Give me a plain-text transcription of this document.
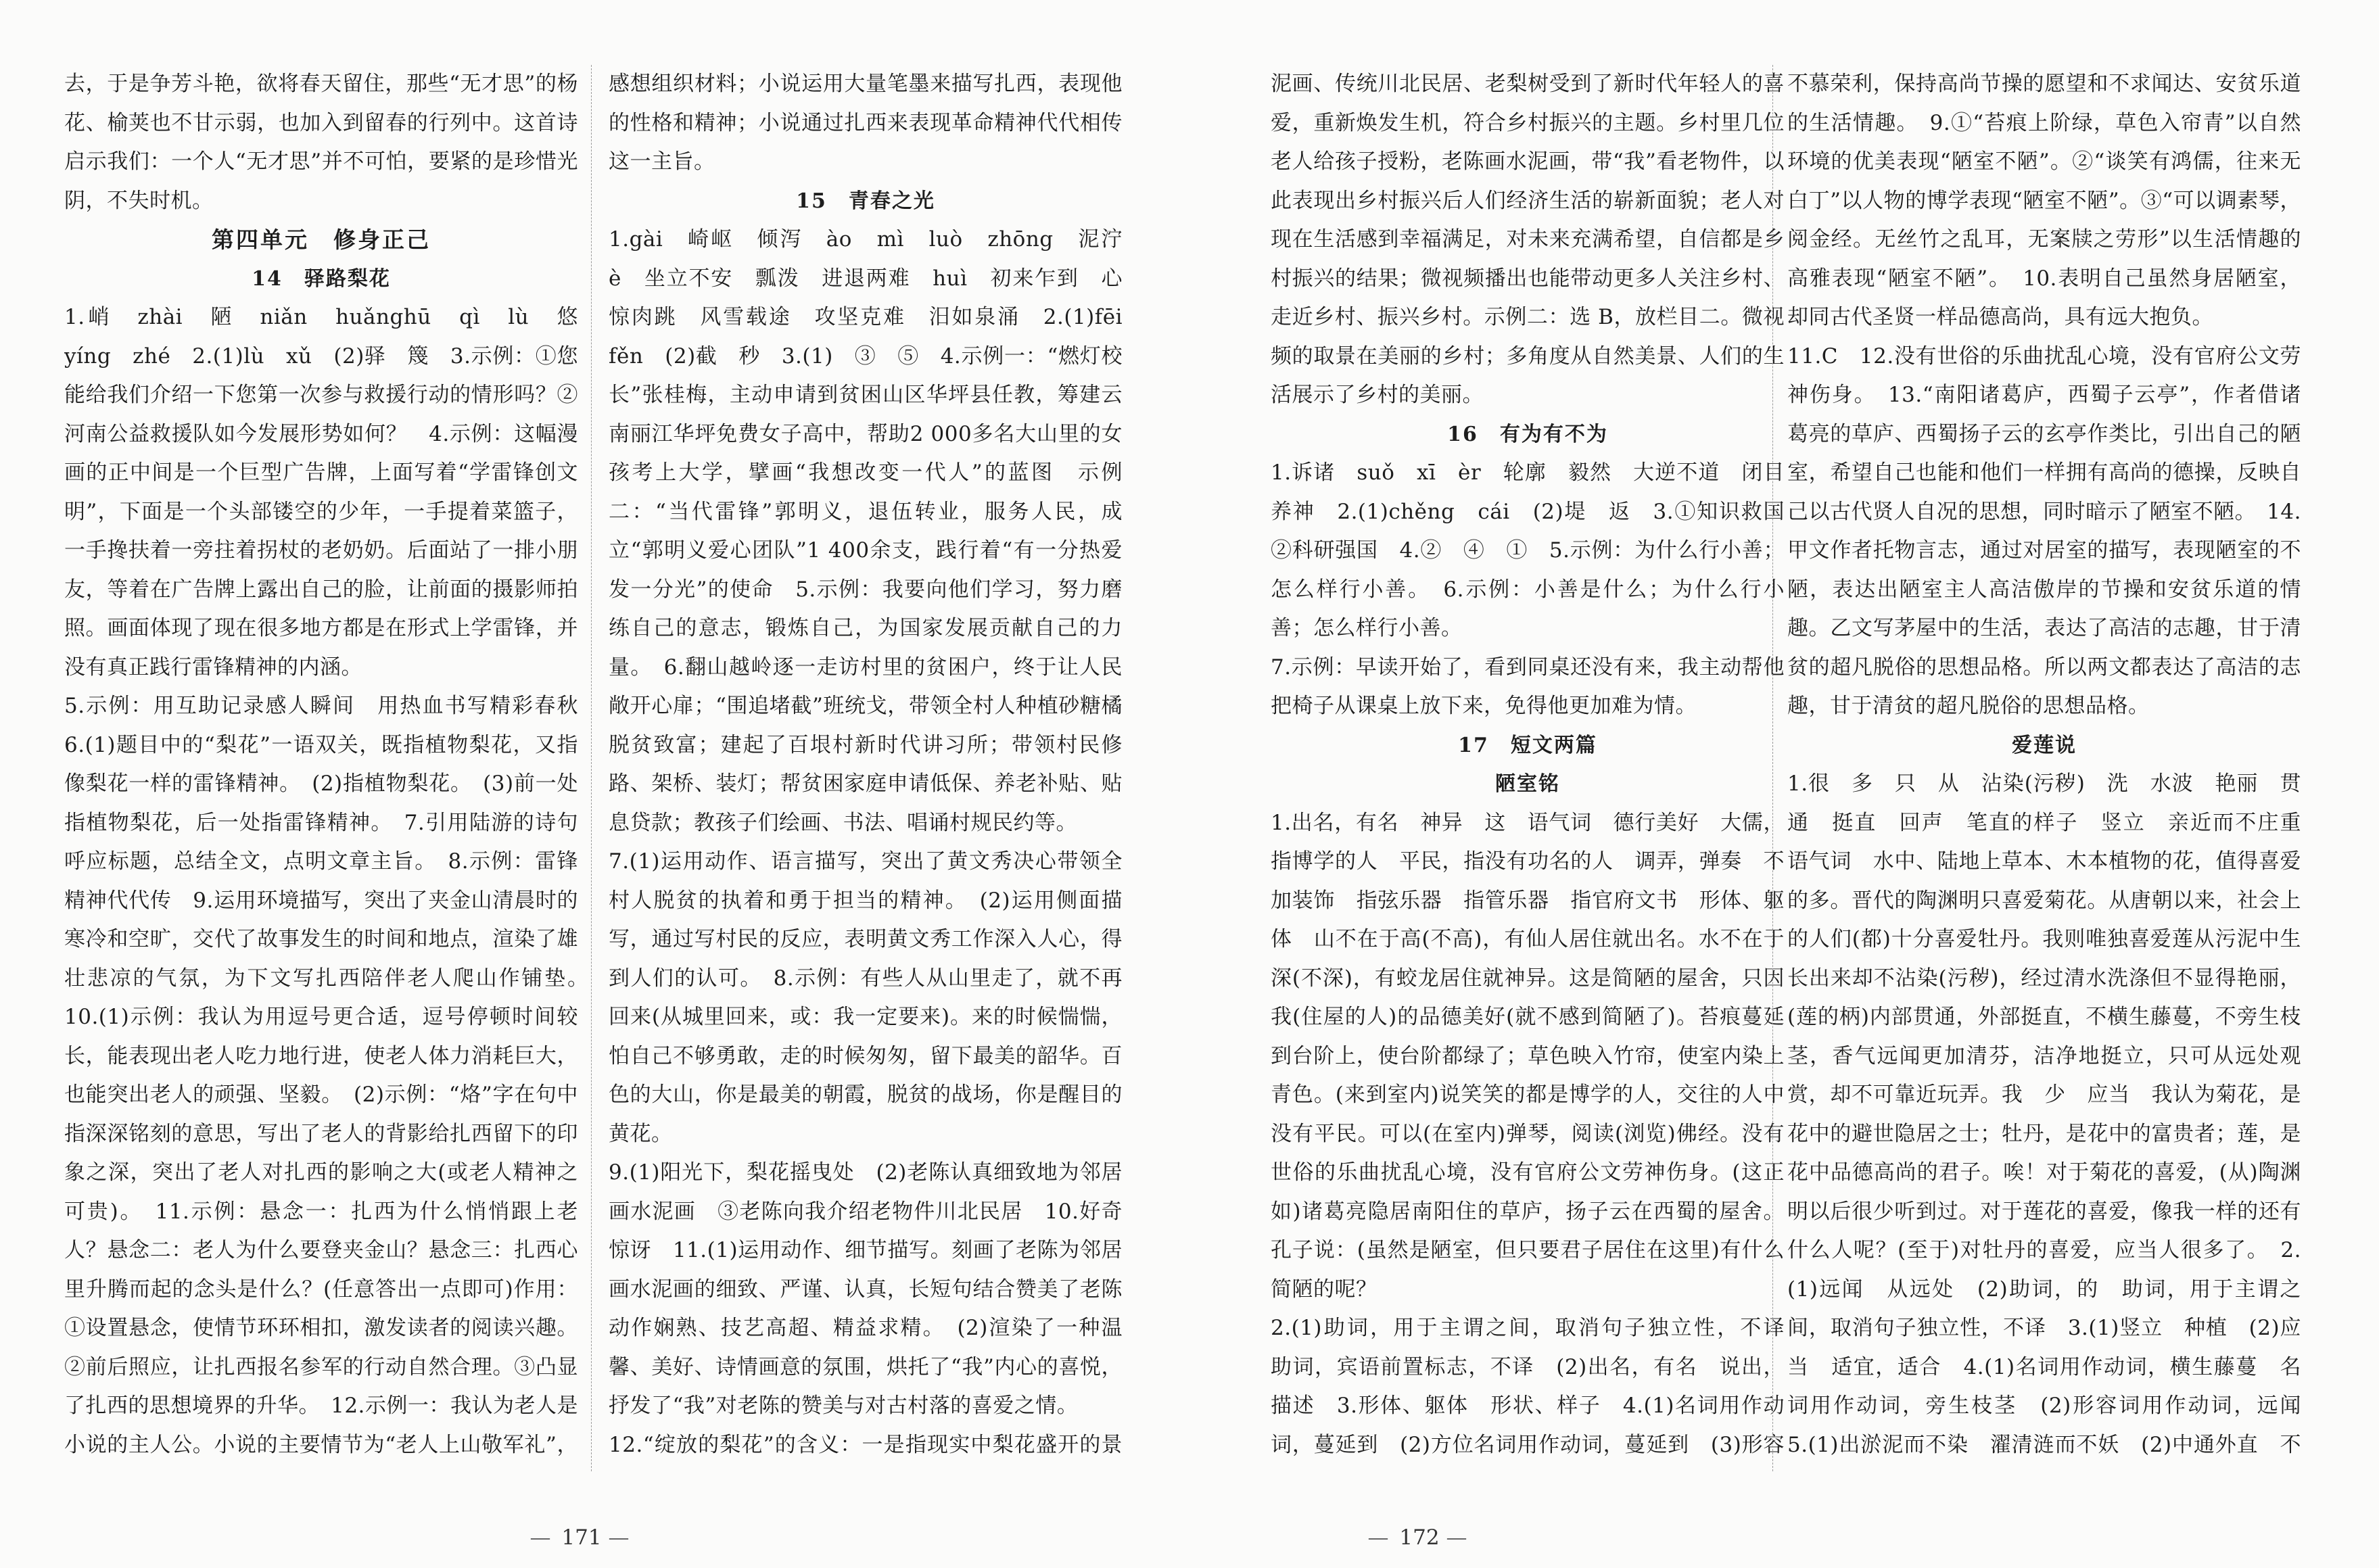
去，于是争芳斗艳，欲将春天留住，那些“无才思”的杨花、榆荚也不甘示弱，也加入到留春的行列中。这首诗启示我们：一个人“无才思”并不可怕，要紧的是珍惜光阴，不失时机。

第四单元　修身正己

14　驿路梨花

1.峭　zhài　陋　niǎn　huǎnghū　qì　lù　悠　yíng　zhé　2.(1)lù　xǔ　(2)驿　篾　3.示例：①您能给我们介绍一下您第一次参与救援行动的情形吗？②河南公益救援队如今发展形势如何？　4.示例：这幅漫画的正中间是一个巨型广告牌，上面写着“学雷锋创文明”，下面是一个头部镂空的少年，一手提着菜篮子，一手搀扶着一旁拄着拐杖的老奶奶。后面站了一排小朋友，等着在广告牌上露出自己的脸，让前面的摄影师拍照。画面体现了现在很多地方都是在形式上学雷锋，并没有真正践行雷锋精神的内涵。

5.示例：用互助记录感人瞬间　用热血书写精彩春秋　6.(1)题目中的“梨花”一语双关，既指植物梨花，又指像梨花一样的雷锋精神。　(2)指植物梨花。　(3)前一处指植物梨花，后一处指雷锋精神。　7.引用陆游的诗句呼应标题，总结全文，点明文章主旨。　8.示例：雷锋精神代代传　9.运用环境描写，突出了夹金山清晨时的寒冷和空旷，交代了故事发生的时间和地点，渲染了雄壮悲凉的气氛，为下文写扎西陪伴老人爬山作铺垫。　10.(1)示例：我认为用逗号更合适，逗号停顿时间较长，能表现出老人吃力地行进，使老人体力消耗巨大，也能突出老人的顽强、坚毅。　(2)示例：“烙”字在句中指深深铭刻的意思，写出了老人的背影给扎西留下的印象之深，突出了老人对扎西的影响之大(或老人精神之可贵)。　11.示例：悬念一：扎西为什么悄悄跟上老人？悬念二：老人为什么要登夹金山？悬念三：扎西心里升腾而起的念头是什么？(任意答出一点即可)作用：①设置悬念，使情节环环相扣，激发读者的阅读兴趣。②前后照应，让扎西报名参军的行动自然合理。③凸显了扎西的思想境界的升华。　12.示例一：我认为老人是小说的主人公。小说的主要情节为“老人上山敬军礼”，

感想组织材料；小说运用大量笔墨来描写扎西，表现他的性格和精神；小说通过扎西来表现革命精神代代相传这一主旨。

15　青春之光

1.gài　崎岖　倾泻　ào　mì　luò　zhōng　泥泞　è　坐立不安　瓢泼　进退两难　huì　初来乍到　心惊肉跳　风雪载途　攻坚克难　汨如泉涌　2.(1)fēi　fěn　(2)截　秒　3.(1)　③　⑤　4.示例一：“燃灯校长”张桂梅，主动申请到贫困山区华坪县任教，筹建云南丽江华坪免费女子高中，帮助2 000多名大山里的女孩考上大学，擘画“我想改变一代人”的蓝图　示例二：“当代雷锋”郭明义，退伍转业，服务人民，成立“郭明义爱心团队”1 400余支，践行着“有一分热爱发一分光”的使命　5.示例：我要向他们学习，努力磨练自己的意志，锻炼自己，为国家发展贡献自己的力量。　6.翻山越岭逐一走访村里的贫困户，终于让人民敞开心扉；“围追堵截”班统戈，带领全村人种植砂糖橘脱贫致富；建起了百垠村新时代讲习所；带领村民修路、架桥、装灯；帮贫困家庭申请低保、养老补贴、贴息贷款；教孩子们绘画、书法、唱诵村规民约等。

7.(1)运用动作、语言描写，突出了黄文秀决心带领全村人脱贫的执着和勇于担当的精神。　(2)运用侧面描写，通过写村民的反应，表明黄文秀工作深入人心，得到人们的认可。　8.示例：有些人从山里走了，就不再回来(从城里回来，或：我一定要来)。来的时候惴惴，怕自己不够勇敢，走的时候匆匆，留下最美的韶华。百色的大山，你是最美的朝霞，脱贫的战场，你是醒目的黄花。

9.(1)阳光下，梨花摇曳处　(2)老陈认真细致地为邻居画水泥画　③老陈向我介绍老物件川北民居　10.好奇　惊讶　11.(1)运用动作、细节描写。刻画了老陈为邻居画水泥画的细致、严谨、认真，长短句结合赞美了老陈动作娴熟、技艺高超、精益求精。　(2)渲染了一种温馨、美好、诗情画意的氛围，烘托了“我”内心的喜悦，抒发了“我”对老陈的赞美与对古村落的喜爱之情。

12.“绽放的梨花”的含义：一是指现实中梨花盛开的景　

— 171 —

泥画、传统川北民居、老梨树受到了新时代年轻人的喜爱，重新焕发生机，符合乡村振兴的主题。乡村里几位老人给孩子授粉，老陈画水泥画，带“我”看老物件，以此表现出乡村振兴后人们经济生活的崭新面貌；老人对现在生活感到幸福满足，对未来充满希望，自信都是乡村振兴的结果；微视频播出也能带动更多人关注乡村、走近乡村、振兴乡村。示例二：选 B，放栏目二。微视频的取景在美丽的乡村；多角度从自然美景、人们的生活展示了乡村的美丽。

16　有为有不为

1.诉诸　suǒ　xī　èr　轮廓　毅然　大逆不道　闭目养神　2.(1)chěng　cái　(2)堤　返　3.①知识救国　②科研强国　4.②　④　①　5.示例：为什么行小善；怎么样行小善。　6.示例：小善是什么；为什么行小善；怎么样行小善。

7.示例：早读开始了，看到同桌还没有来，我主动帮他把椅子从课桌上放下来，免得他更加难为情。

17　短文两篇

陋室铭

1.出名，有名　神异　这　语气词　德行美好　大儒，指博学的人　平民，指没有功名的人　调弄，弹奏　不加装饰　指弦乐器　指管乐器　指官府文书　形体、躯体　山不在于高(不高)，有仙人居住就出名。水不在于深(不深)，有蛟龙居住就神异。这是简陋的屋舍，只因我(住屋的人)的品德美好(就不感到简陋了)。苔痕蔓延到台阶上，使台阶都绿了；草色映入竹帘，使室内染上青色。(来到室内)说笑笑的都是博学的人，交往的人中没有平民。可以(在室内)弹琴，阅读(浏览)佛经。没有世俗的乐曲扰乱心境，没有官府公文劳神伤身。(这正如)诸葛亮隐居南阳住的草庐，扬子云在西蜀的屋舍。孔子说：(虽然是陋室，但只要君子居住在这里)有什么简陋的呢？

2.(1)助词，用于主谓之间，取消句子独立性，不译　助词，宾语前置标志，不译　(2)出名，有名　说出，描述　3.形体、躯体　形状、样子　4.(1)名词用作动词，蔓延到　(2)方位名词用作动词，蔓延到　(3)形容　　　　　　　　　　　　　　　　

不慕荣利，保持高尚节操的愿望和不求闻达、安贫乐道的生活情趣。　9.①“苔痕上阶绿，草色入帘青”以自然环境的优美表现“陋室不陋”。②“谈笑有鸿儒，往来无白丁”以人物的博学表现“陋室不陋”。③“可以调素琴，阅金经。无丝竹之乱耳，无案牍之劳形”以生活情趣的高雅表现“陋室不陋”。　10.表明自己虽然身居陋室，却同古代圣贤一样品德高尚，具有远大抱负。

11.C　12.没有世俗的乐曲扰乱心境，没有官府公文劳神伤身。　13.“南阳诸葛庐，西蜀子云亭”，作者借诸葛亮的草庐、西蜀扬子云的玄亭作类比，引出自己的陋室，希望自己也能和他们一样拥有高尚的德操，反映自己以古代贤人自况的思想，同时暗示了陋室不陋。　14.甲文作者托物言志，通过对居室的描写，表现陋室的不陋，表达出陋室主人高洁傲岸的节操和安贫乐道的情趣。乙文写茅屋中的生活，表达了高洁的志趣，甘于清贫的超凡脱俗的思想品格。所以两文都表达了高洁的志趣，甘于清贫的超凡脱俗的思想品格。

爱莲说

1.很　多　只　从　沾染(污秽)　洗　水波　艳丽　贯通　挺直　回声　笔直的样子　竖立　亲近而不庄重　语气词　水中、陆地上草本、木本植物的花，值得喜爱的多。晋代的陶渊明只喜爱菊花。从唐朝以来，社会上的人们(都)十分喜爱牡丹。我则唯独喜爱莲从污泥中生长出来却不沾染(污秽)，经过清水洗涤但不显得艳丽，(莲的柄)内部贯通，外部挺直，不横生藤蔓，不旁生枝茎，香气远闻更加清芬，洁净地挺立，只可从远处观赏，却不可靠近玩弄。我　少　应当　我认为菊花，是花中的避世隐居之士；牡丹，是花中的富贵者；莲，是花中品德高尚的君子。唉！对于菊花的喜爱，(从)陶渊明以后很少听到过。对于莲花的喜爱，像我一样的还有什么人呢？(至于)对牡丹的喜爱，应当人很多了。　2.(1)远闻　从远处　(2)助词，的　助词，用于主谓之间，取消句子独立性，不译　3.(1)竖立　种植　(2)应当　适宜，适合　4.(1)名词用作动词，横生藤蔓　名词用作动词，旁生枝茎　(2)形容词用作动词，远闻　5.(1)出淤泥而不染　濯清涟而不妖　(2)中通外直　不　　　　　　　　

— 172 —
